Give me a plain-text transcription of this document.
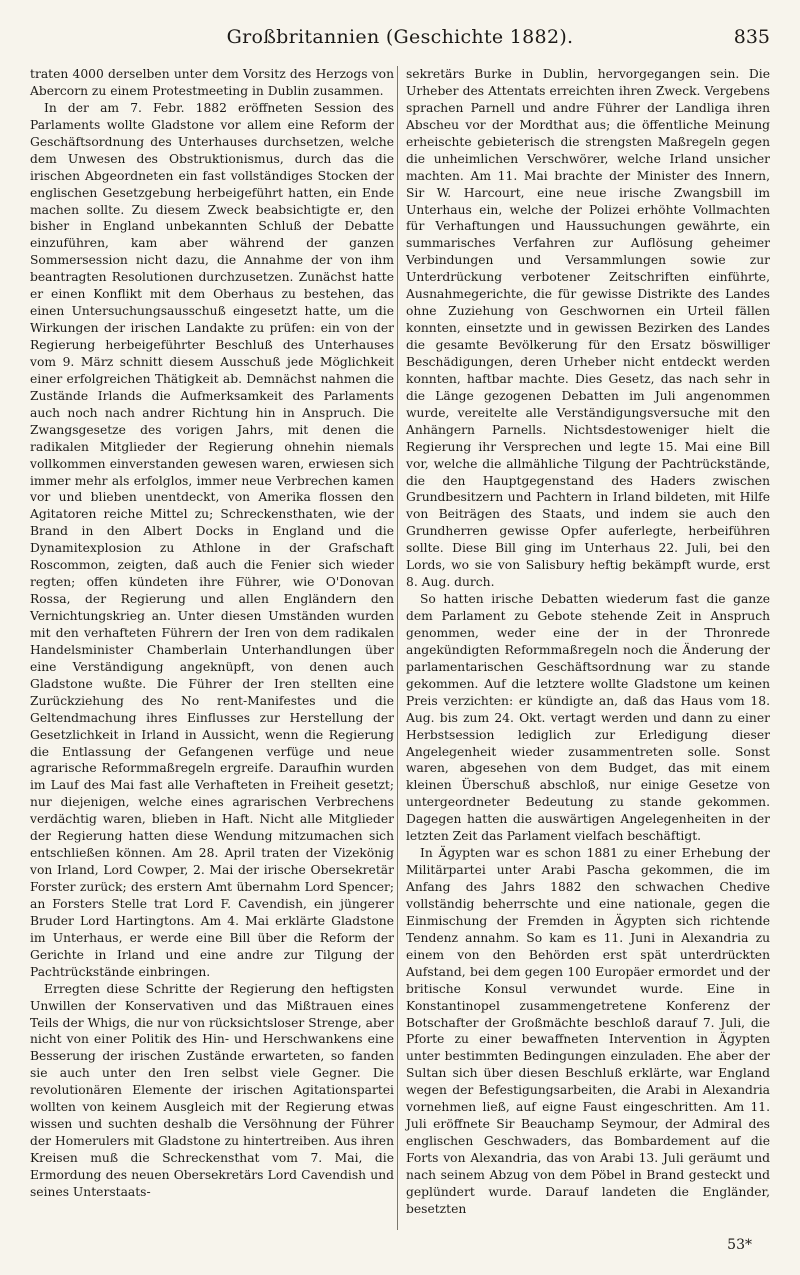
Großbritannien (Geschichte 1882).	835

traten 4000 derselben unter dem Vorsitz des Herzogs von Abercorn zu einem Protestmeeting in Dublin zusammen.

In der am 7. Febr. 1882 eröffneten Session des Parlaments wollte Gladstone vor allem eine Reform der Geschäftsordnung des Unterhauses durchsetzen, welche dem Unwesen des Obstruktionismus, durch das die irischen Abgeordneten ein fast vollständiges Stocken der englischen Gesetzgebung herbeigeführt hatten, ein Ende machen sollte. Zu diesem Zweck beabsichtigte er, den bisher in England unbekannten Schluß der Debatte einzuführen, kam aber während der ganzen Sommersession nicht dazu, die Annahme der von ihm beantragten Resolutionen durchzusetzen. Zunächst hatte er einen Konflikt mit dem Oberhaus zu bestehen, das einen Untersuchungsausschuß eingesetzt hatte, um die Wirkungen der irischen Landakte zu prüfen: ein von der Regierung herbeigeführter Beschluß des Unterhauses vom 9. März schnitt diesem Ausschuß jede Möglichkeit einer erfolgreichen Thätigkeit ab. Demnächst nahmen die Zustände Irlands die Aufmerksamkeit des Parlaments auch noch nach andrer Richtung hin in Anspruch. Die Zwangsgesetze des vorigen Jahrs, mit denen die radikalen Mitglieder der Regierung ohnehin niemals vollkommen einverstanden gewesen waren, erwiesen sich immer mehr als erfolglos, immer neue Verbrechen kamen vor und blieben unentdeckt, von Amerika flossen den Agitatoren reiche Mittel zu; Schreckensthaten, wie der Brand in den Albert Docks in England und die Dynamitexplosion zu Athlone in der Grafschaft Roscommon, zeigten, daß auch die Fenier sich wieder regten; offen kündeten ihre Führer, wie O'Donovan Rossa, der Regierung und allen Engländern den Vernichtungskrieg an. Unter diesen Umständen wurden mit den verhafteten Führern der Iren von dem radikalen Handelsminister Chamberlain Unterhandlungen über eine Verständigung angeknüpft, von denen auch Gladstone wußte. Die Führer der Iren stellten eine Zurückziehung des No rent-Manifestes und die Geltendmachung ihres Einflusses zur Herstellung der Gesetzlichkeit in Irland in Aussicht, wenn die Regierung die Entlassung der Gefangenen verfüge und neue agrarische Reformmaßregeln ergreife. Daraufhin wurden im Lauf des Mai fast alle Verhafteten in Freiheit gesetzt; nur diejenigen, welche eines agrarischen Verbrechens verdächtig waren, blieben in Haft. Nicht alle Mitglieder der Regierung hatten diese Wendung mitzumachen sich entschließen können. Am 28. April traten der Vizekönig von Irland, Lord Cowper, 2. Mai der irische Obersekretär Forster zurück; des erstern Amt übernahm Lord Spencer; an Forsters Stelle trat Lord F. Cavendish, ein jüngerer Bruder Lord Hartingtons. Am 4. Mai erklärte Gladstone im Unterhaus, er werde eine Bill über die Reform der Gerichte in Irland und eine andre zur Tilgung der Pachtrückstände einbringen.

Erregten diese Schritte der Regierung den heftigsten Unwillen der Konservativen und das Mißtrauen eines Teils der Whigs, die nur von rücksichtsloser Strenge, aber nicht von einer Politik des Hin- und Herschwankens eine Besserung der irischen Zustände erwarteten, so fanden sie auch unter den Iren selbst viele Gegner. Die revolutionären Elemente der irischen Agitationspartei wollten von keinem Ausgleich mit der Regierung etwas wissen und suchten deshalb die Versöhnung der Führer der Homerulers mit Gladstone zu hintertreiben. Aus ihren Kreisen muß die Schreckensthat vom 7. Mai, die Ermordung des neuen Obersekretärs Lord Cavendish und seines Unterstaats-

sekretärs Burke in Dublin, hervorgegangen sein. Die Urheber des Attentats erreichten ihren Zweck. Vergebens sprachen Parnell und andre Führer der Landliga ihren Abscheu vor der Mordthat aus; die öffentliche Meinung erheischte gebieterisch die strengsten Maßregeln gegen die unheimlichen Verschwörer, welche Irland unsicher machten. Am 11. Mai brachte der Minister des Innern, Sir W. Harcourt, eine neue irische Zwangsbill im Unterhaus ein, welche der Polizei erhöhte Vollmachten für Verhaftungen und Haussuchungen gewährte, ein summarisches Verfahren zur Auflösung geheimer Verbindungen und Versammlungen sowie zur Unterdrückung verbotener Zeitschriften einführte, Ausnahmegerichte, die für gewisse Distrikte des Landes ohne Zuziehung von Geschwornen ein Urteil fällen konnten, einsetzte und in gewissen Bezirken des Landes die gesamte Bevölkerung für den Ersatz böswilliger Beschädigungen, deren Urheber nicht entdeckt werden konnten, haftbar machte. Dies Gesetz, das nach sehr in die Länge gezogenen Debatten im Juli angenommen wurde, vereitelte alle Verständigungsversuche mit den Anhängern Parnells. Nichtsdestoweniger hielt die Regierung ihr Versprechen und legte 15. Mai eine Bill vor, welche die allmähliche Tilgung der Pachtrückstände, die den Hauptgegenstand des Haders zwischen Grundbesitzern und Pachtern in Irland bildeten, mit Hilfe von Beiträgen des Staats, und indem sie auch den Grundherren gewisse Opfer auferlegte, herbeiführen sollte. Diese Bill ging im Unterhaus 22. Juli, bei den Lords, wo sie von Salisbury heftig bekämpft wurde, erst 8. Aug. durch.

So hatten irische Debatten wiederum fast die ganze dem Parlament zu Gebote stehende Zeit in Anspruch genommen, weder eine der in der Thronrede angekündigten Reformmaßregeln noch die Änderung der parlamentarischen Geschäftsordnung war zu stande gekommen. Auf die letztere wollte Gladstone um keinen Preis verzichten: er kündigte an, daß das Haus vom 18. Aug. bis zum 24. Okt. vertagt werden und dann zu einer Herbstsession lediglich zur Erledigung dieser Angelegenheit wieder zusammentreten solle. Sonst waren, abgesehen von dem Budget, das mit einem kleinen Überschuß abschloß, nur einige Gesetze von untergeordneter Bedeutung zu stande gekommen. Dagegen hatten die auswärtigen Angelegenheiten in der letzten Zeit das Parlament vielfach beschäftigt.

In Ägypten war es schon 1881 zu einer Erhebung der Militärpartei unter Arabi Pascha gekommen, die im Anfang des Jahrs 1882 den schwachen Chedive vollständig beherrschte und eine nationale, gegen die Einmischung der Fremden in Ägypten sich richtende Tendenz annahm. So kam es 11. Juni in Alexandria zu einem von den Behörden erst spät unterdrückten Aufstand, bei dem gegen 100 Europäer ermordet und der britische Konsul verwundet wurde. Eine in Konstantinopel zusammengetretene Konferenz der Botschafter der Großmächte beschloß darauf 7. Juli, die Pforte zu einer bewaffneten Intervention in Ägypten unter bestimmten Bedingungen einzuladen. Ehe aber der Sultan sich über diesen Beschluß erklärte, war England wegen der Befestigungsarbeiten, die Arabi in Alexandria vornehmen ließ, auf eigne Faust eingeschritten. Am 11. Juli eröffnete Sir Beauchamp Seymour, der Admiral des englischen Geschwaders, das Bombardement auf die Forts von Alexandria, das von Arabi 13. Juli geräumt und nach seinem Abzug von dem Pöbel in Brand gesteckt und geplündert wurde. Darauf landeten die Engländer, besetzten

53*
